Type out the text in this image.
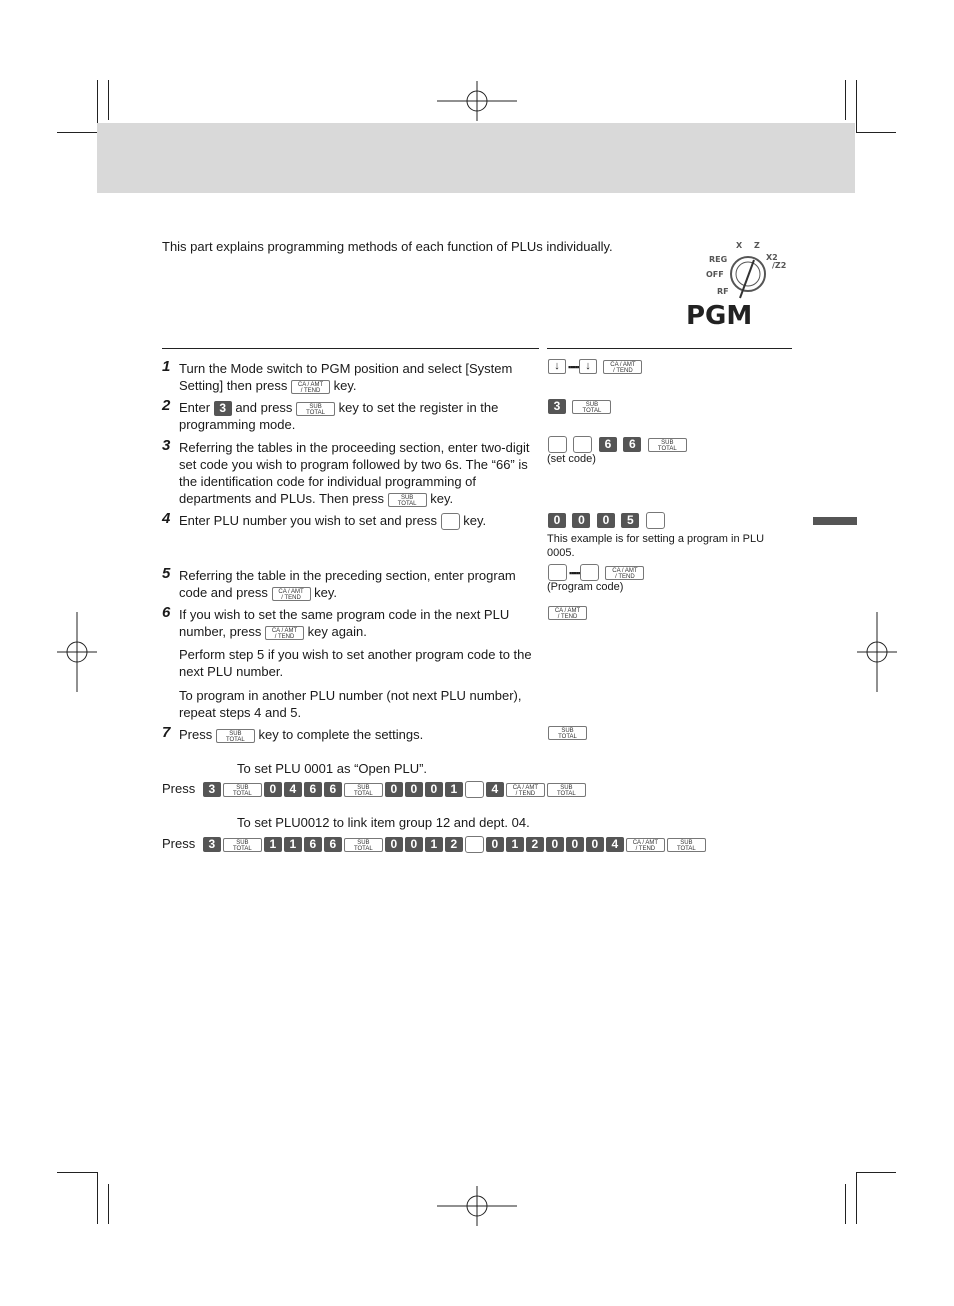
This part explains programming methods of each function of PLUs individually.	X Z
REG	X2
/Z2
OFF
RF
PGM
1 Turn the Mode switch to PGM position and select [System Setting] then press	CA / AMT
/ TEND	key.
2 Enter 3 and press	SUB
TOTAL	key to set the register in the programming mode.
3 Referring the tables in the proceeding section, enter two-digit set code you wish to program followed by two 6s. The “66” is the identification code for individual programming of departments and PLUs. Then press	SUB
TOTAL	key.
4 Enter PLU number you wish to set and press key.
5 Referring the table in the preceding section, enter program code and press	CA / AMT
/ TEND	key.
6 If you wish to set the same program code in the next PLU number, press	CA / AMT
/ TEND	key again.
Perform step 5 if you wish to set another program code to the next PLU number.
To program in another PLU number (not next PLU number), repeat steps 4 and 5.
7 Press	SUB
TOTAL	key to complete the settings.
↓ ▪▪▪▪▪ ↓	CA / AMT
/ TEND
3	SUB
TOTAL
6 6	SUB
TOTAL
(set code)
0 0 0 5
This example is for setting a program in PLU 0005.
▪▪▪▪▪	CA / AMT
/ TEND
(Program code)
CA / AMT
/ TEND
SUB
TOTAL
To set PLU 0001 as “Open PLU”.
Press 3	SUB
TOTAL	0 4 6 6	SUB
TOTAL	0 0 0 1	4	CA / AMT
/ TEND
SUB
TOTAL
To set PLU0012 to link item group 12 and dept. 04.
Press 3	SUB
TOTAL	1 1 6 6	SUB
TOTAL	0 0 1 2	0 1 2 0 0 0 4	CA / AMT
/ TEND
SUB
TOTAL
